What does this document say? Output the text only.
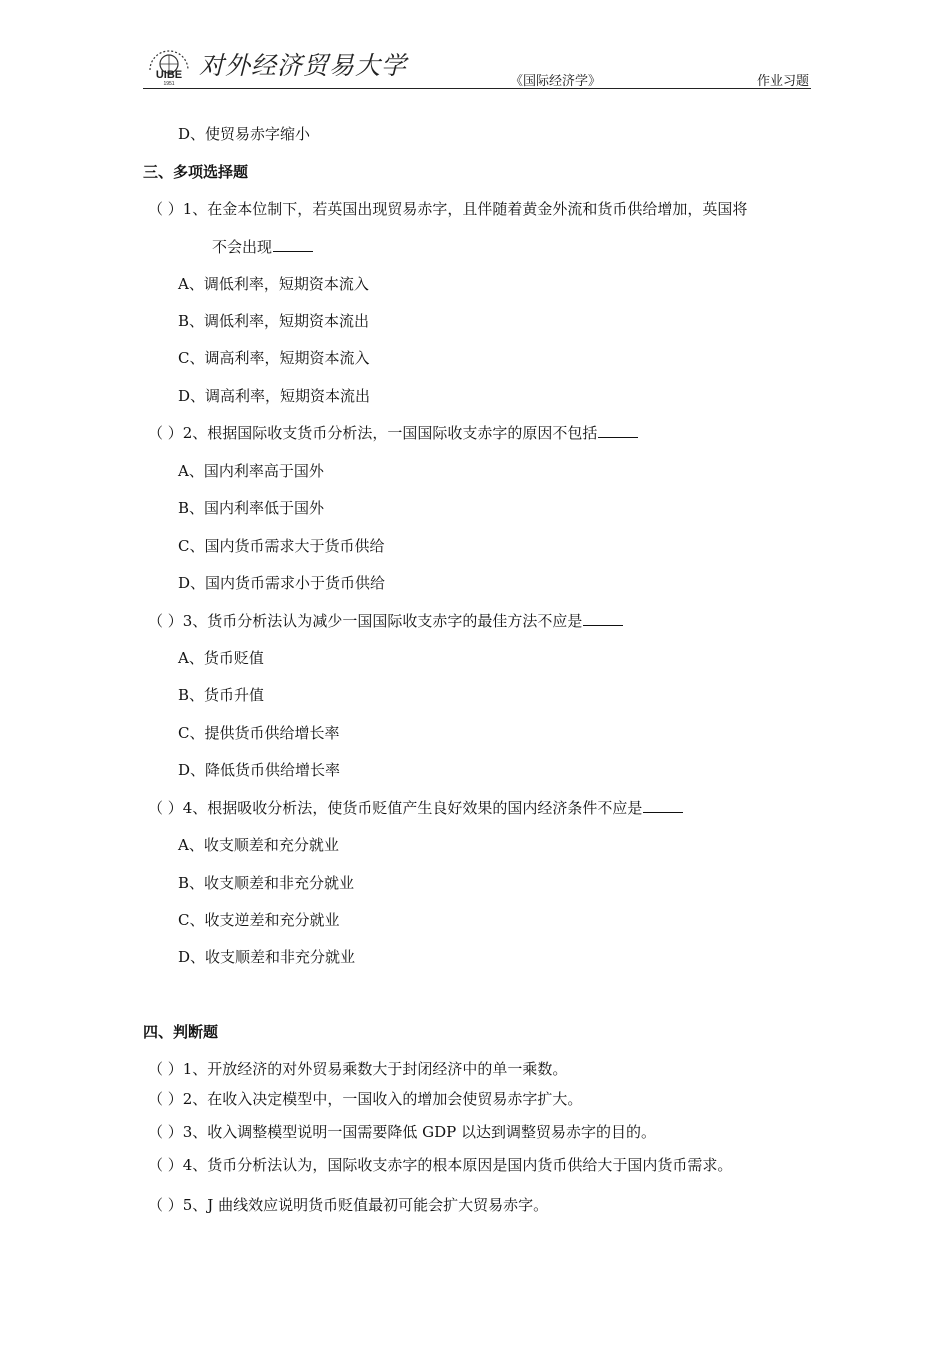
UIBE
1951
对外经济贸易大学
《国际经济学》	作业习题
D、使贸易赤字缩小
三、多项选择题
（ ）1、在金本位制下，若英国出现贸易赤字，且伴随着黄金外流和货币供给增加，英国将
不会出现
A、调低利率，短期资本流入
B、调低利率，短期资本流出
C、调高利率，短期资本流入
D、调高利率，短期资本流出
（ ）2、根据国际收支货币分析法，一国国际收支赤字的原因不包括
A、国内利率高于国外
B、国内利率低于国外
C、国内货币需求大于货币供给
D、国内货币需求小于货币供给
（ ）3、货币分析法认为减少一国国际收支赤字的最佳方法不应是
A、货币贬值
B、货币升值
C、提供货币供给增长率
D、降低货币供给增长率
（ ）4、根据吸收分析法，使货币贬值产生良好效果的国内经济条件不应是
A、收支顺差和充分就业
B、收支顺差和非充分就业
C、收支逆差和充分就业
D、收支顺差和非充分就业
四、判断题
（ ）1、开放经济的对外贸易乘数大于封闭经济中的单一乘数。
（ ）2、在收入决定模型中，一国收入的增加会使贸易赤字扩大。
（ ）3、收入调整模型说明一国需要降低 GDP 以达到调整贸易赤字的目的。
（ ）4、货币分析法认为，国际收支赤字的根本原因是国内货币供给大于国内货币需求。
（ ）5、J 曲线效应说明货币贬值最初可能会扩大贸易赤字。
